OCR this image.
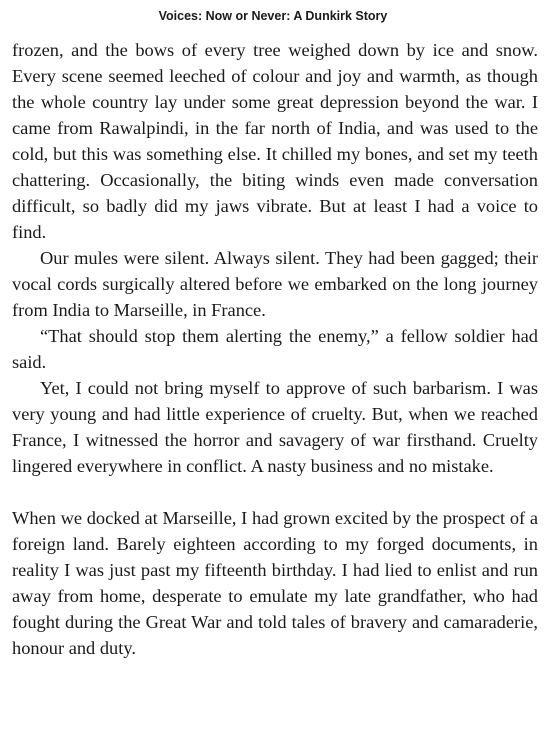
Voices: Now or Never: A Dunkirk Story

frozen, and the bows of every tree weighed down by ice and snow. Every scene seemed leeched of colour and joy and warmth, as though the whole country lay under some great depression beyond the war. I came from Rawalpindi, in the far north of India, and was used to the cold, but this was something else. It chilled my bones, and set my teeth chattering. Occasionally, the biting winds even made conversation difficult, so badly did my jaws vibrate. But at least I had a voice to find.

Our mules were silent. Always silent. They had been gagged; their vocal cords surgically altered before we embarked on the long journey from India to Marseille, in France.

“That should stop them alerting the enemy,” a fellow soldier had said.

Yet, I could not bring myself to approve of such barbarism. I was very young and had little experience of cruelty. But, when we reached France, I witnessed the horror and savagery of war firsthand. Cruelty lingered everywhere in conflict. A nasty business and no mistake.

When we docked at Marseille, I had grown excited by the prospect of a foreign land. Barely eighteen according to my forged documents, in reality I was just past my fifteenth birthday. I had lied to enlist and run away from home, desperate to emulate my late grandfather, who had fought during the Great War and told tales of bravery and camaraderie, honour and duty.
